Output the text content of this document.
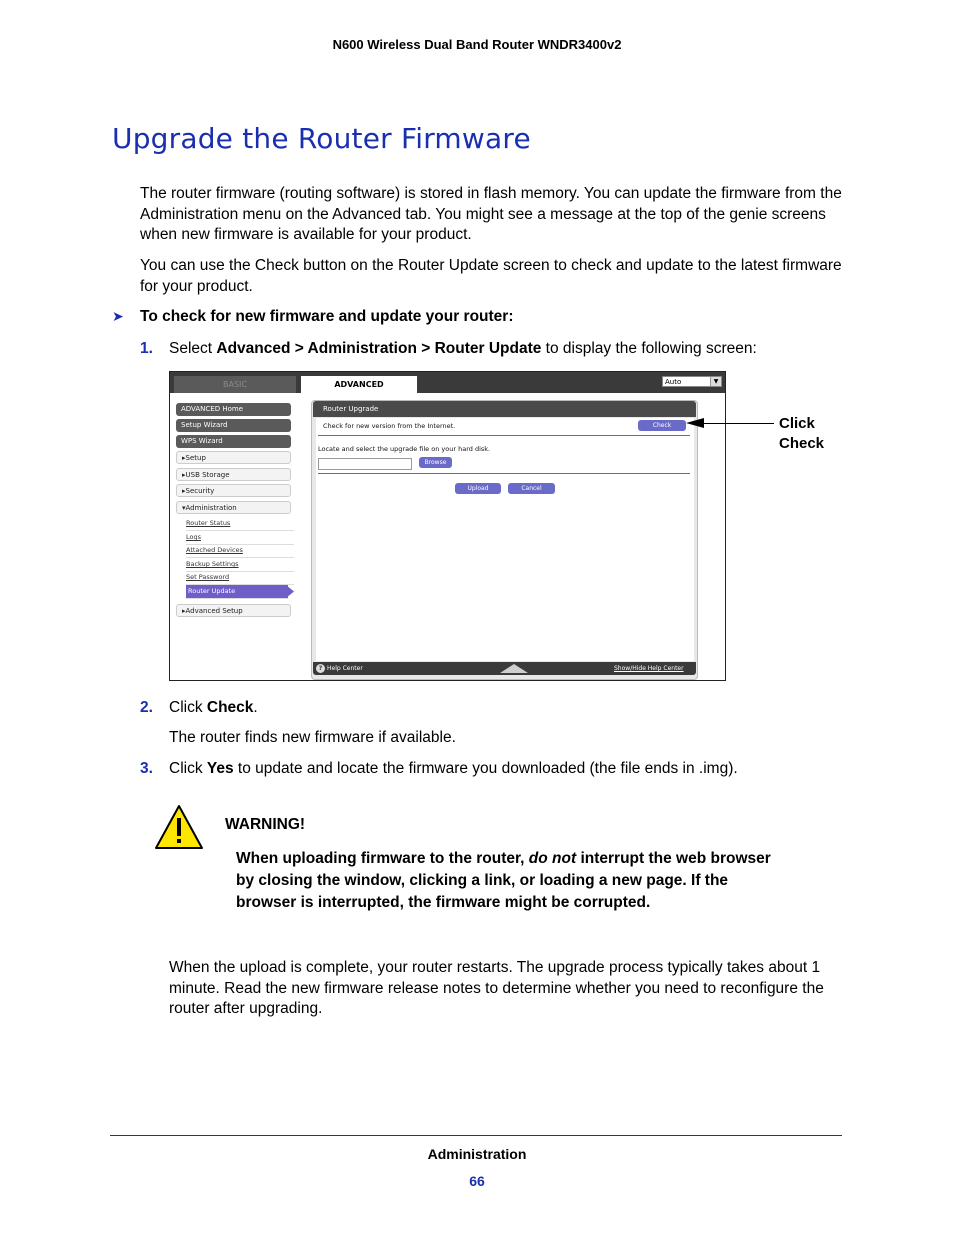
N600 Wireless Dual Band Router WNDR3400v2
Upgrade the Router Firmware
The router firmware (routing software) is stored in flash memory. You can update the firmware from the Administration menu on the Advanced tab. You might see a message at the top of the genie screens when new firmware is available for your product.
You can use the Check button on the Router Update screen to check and update to the latest firmware for your product.
➤ To check for new firmware and update your router:
1. Select Advanced > Administration > Router Update to display the following screen:
BASIC	ADVANCED	Auto	▼
ADVANCED Home
Setup Wizard
WPS Wizard
▸Setup
▸USB Storage
▸Security
▾Administration
Router Status
Logs
Attached Devices
Backup Settings
Set Password
Router Update
▸Advanced Setup
Router Upgrade
Check for new version from the Internet.	Check
Locate and select the upgrade file on your hard disk.
Browse
Upload	Cancel
? Help Center	Show/Hide Help Center
Click
Check
2. Click Check.
The router finds new firmware if available.
3. Click Yes to update and locate the firmware you downloaded (the file ends in .img).
WARNING!
When uploading firmware to the router, do not interrupt the web browser by closing the window, clicking a link, or loading a new page. If the browser is interrupted, the firmware might be corrupted.
When the upload is complete, your router restarts. The upgrade process typically takes about 1 minute. Read the new firmware release notes to determine whether you need to reconfigure the router after upgrading.
Administration
66
